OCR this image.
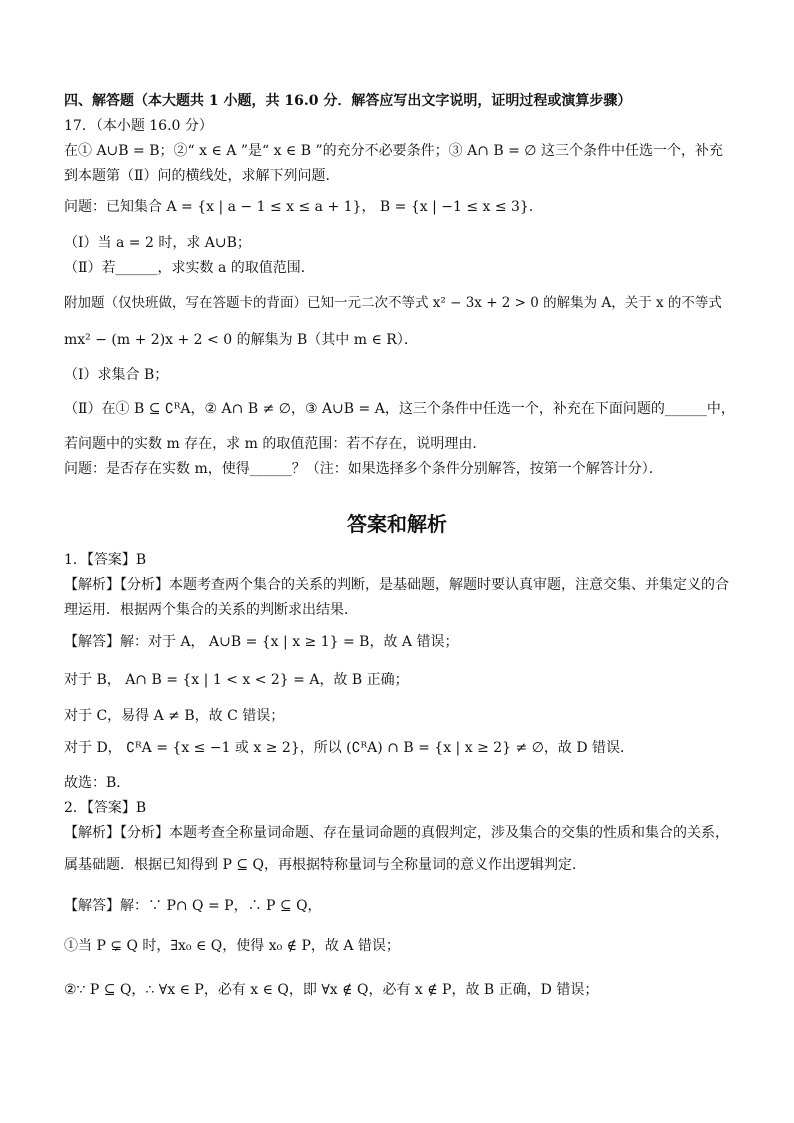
四、解答题（本大题共 1 小题，共 16.0 分．解答应写出文字说明，证明过程或演算步骤）
17．（本小题 16.0 分）
在① A∪B = B；②“ x ∈ A ”是“ x ∈ B ”的充分不必要条件；③ A∩ B = ∅ 这三个条件中任选一个，补充
到本题第（Ⅱ）问的横线处，求解下列问题．
问题：已知集合 A = {x | a − 1 ≤ x ≤ a + 1}， B = {x | −1 ≤ x ≤ 3}．
（Ⅰ）当 a = 2 时，求 A∪B；
（Ⅱ）若______，求实数 a 的取值范围．
附加题（仅快班做，写在答题卡的背面）已知一元二次不等式 x² − 3x + 2 > 0 的解集为 A，关于 x 的不等式
mx² − (m + 2)x + 2 < 0 的解集为 B（其中 m ∈ R）．
（Ⅰ）求集合 B；
（Ⅱ）在① B ⊆ ∁ᴿA，② A∩ B ≠ ∅，③ A∪B = A，这三个条件中任选一个，补充在下面问题的______中，
若问题中的实数 m 存在，求 m 的取值范围：若不存在，说明理由．
问题：是否存在实数 m，使得______？（注：如果选择多个条件分别解答，按第一个解答计分）．
答案和解析
1．【答案】B
【解析】【分析】本题考查两个集合的关系的判断，是基础题，解题时要认真审题，注意交集、并集定义的合
理运用．根据两个集合的关系的判断求出结果．
【解答】解：对于 A， A∪B = {x | x ≥ 1} = B，故 A 错误；
对于 B， A∩ B = {x | 1 < x < 2} = A，故 B 正确；
对于 C，易得 A ≠ B，故 C 错误；
对于 D， ∁ᴿA = {x ≤ −1 或 x ≥ 2}，所以 (∁ᴿA) ∩ B = {x | x ≥ 2} ≠ ∅，故 D 错误．
故选：B．
2．【答案】B
【解析】【分析】本题考查全称量词命题、存在量词命题的真假判定，涉及集合的交集的性质和集合的关系，
属基础题．根据已知得到 P ⊆ Q，再根据特称量词与全称量词的意义作出逻辑判定．
【解答】解：∵ P∩ Q = P，∴ P ⊆ Q，
①当 P ⊊ Q 时，∃x₀ ∈ Q，使得 x₀ ∉ P，故 A 错误；
②∵ P ⊆ Q，∴ ∀x ∈ P，必有 x ∈ Q，即 ∀x ∉ Q，必有 x ∉ P，故 B 正确，D 错误；
